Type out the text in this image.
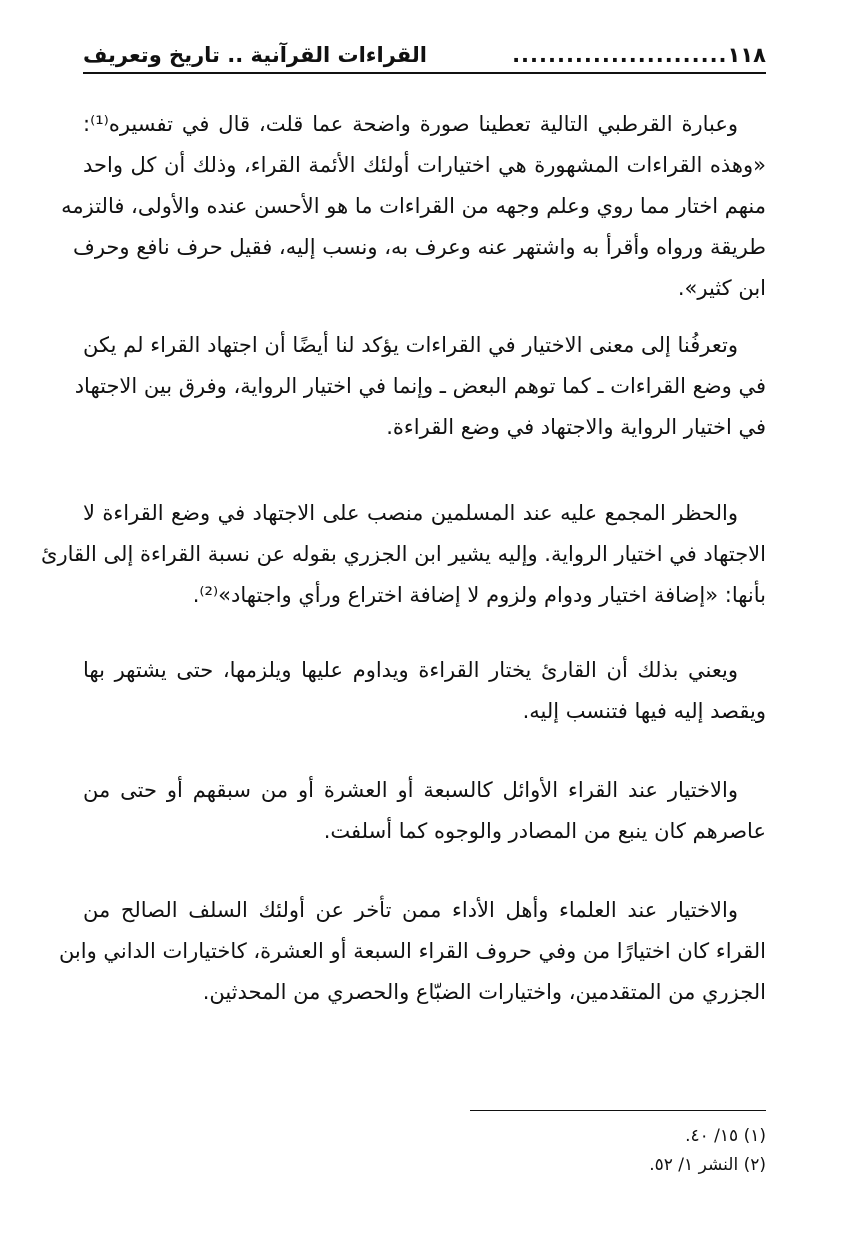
١١٨
........................
القراءات القرآنية .. تاريخ وتعريف
وعبارة القرطبي التالية تعطينا صورة واضحة عما قلت، قال في تفسيره⁽¹⁾:
«وهذه القراءات المشهورة هي اختيارات أولئك الأئمة القراء، وذلك أن كل واحد
منهم اختار مما روي وعلم وجهه من القراءات ما هو الأحسن عنده والأولى، فالتزمه
طريقة ورواه وأقرأ به واشتهر عنه وعرف به، ونسب إليه، فقيل حرف نافع وحرف
ابن كثير».
وتعرفُنا إلى معنى الاختيار في القراءات يؤكد لنا أيضًا أن اجتهاد القراء لم يكن
في وضع القراءات ـ كما توهم البعض ـ وإنما في اختيار الرواية، وفرق بين الاجتهاد
في اختيار الرواية والاجتهاد في وضع القراءة.
والحظر المجمع عليه عند المسلمين منصب على الاجتهاد في وضع القراءة لا
الاجتهاد في اختيار الرواية. وإليه يشير ابن الجزري بقوله عن نسبة القراءة إلى القارئ
بأنها: «إضافة اختيار ودوام ولزوم لا إضافة اختراع ورأي واجتهاد»⁽²⁾.
ويعني بذلك أن القارئ يختار القراءة ويداوم عليها ويلزمها، حتى يشتهر بها
ويقصد إليه فيها فتنسب إليه.
والاختيار عند القراء الأوائل كالسبعة أو العشرة أو من سبقهم أو حتى من
عاصرهم كان ينبع من المصادر والوجوه كما أسلفت.
والاختيار عند العلماء وأهل الأداء ممن تأخر عن أولئك السلف الصالح من
القراء كان اختيارًا من وفي حروف القراء السبعة أو العشرة، كاختيارات الداني وابن
الجزري من المتقدمين، واختيارات الضبّاع والحصري من المحدثين.
(١) ١٥/ ٤٠.
(٢) النشر ١/ ٥٢.
